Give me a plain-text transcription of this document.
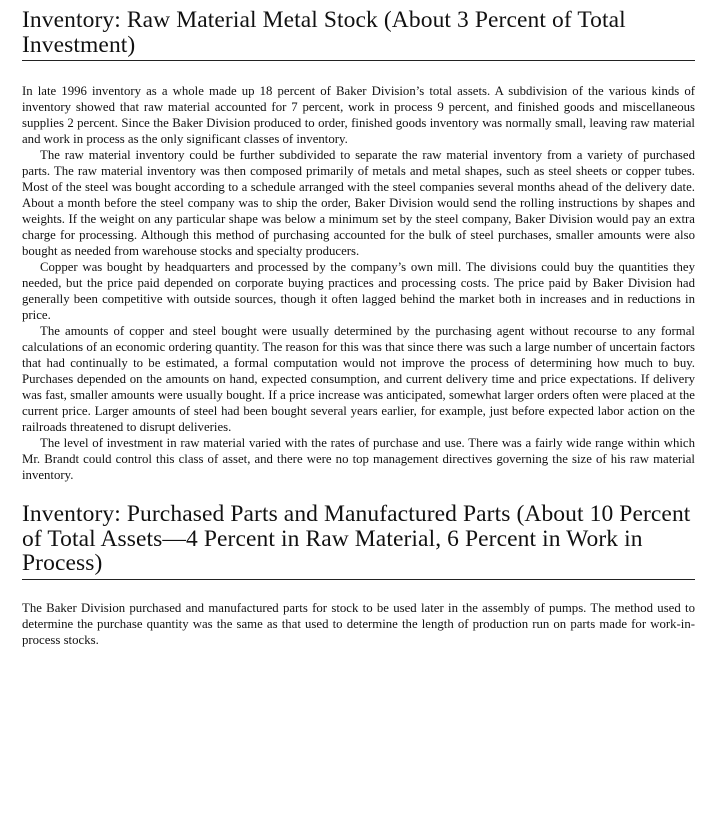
Inventory: Raw Material Metal Stock (About 3 Percent of Total Investment)

In late 1996 inventory as a whole made up 18 percent of Baker Division’s total assets. A subdivision of the various kinds of inventory showed that raw material accounted for 7 percent, work in process 9 percent, and finished goods and miscellaneous supplies 2 percent. Since the Baker Division produced to order, finished goods inventory was normally small, leaving raw material and work in process as the only significant classes of inventory.

The raw material inventory could be further subdivided to separate the raw material inventory from a variety of purchased parts. The raw material inventory was then composed primarily of metals and metal shapes, such as steel sheets or copper tubes. Most of the steel was bought according to a schedule arranged with the steel companies several months ahead of the delivery date. About a month before the steel company was to ship the order, Baker Division would send the rolling instructions by shapes and weights. If the weight on any particular shape was below a minimum set by the steel company, Baker Division would pay an extra charge for processing. Although this method of purchasing accounted for the bulk of steel purchases, smaller amounts were also bought as needed from warehouse stocks and specialty producers.

Copper was bought by headquarters and processed by the company’s own mill. The divisions could buy the quantities they needed, but the price paid depended on corporate buying practices and processing costs. The price paid by Baker Division had generally been competitive with outside sources, though it often lagged behind the market both in increases and in reductions in price.

The amounts of copper and steel bought were usually determined by the purchasing agent without recourse to any formal calculations of an economic ordering quantity. The reason for this was that since there was such a large number of uncertain factors that had continually to be estimated, a formal computation would not improve the process of determining how much to buy. Purchases depended on the amounts on hand, expected consumption, and current delivery time and price expectations. If delivery was fast, smaller amounts were usually bought. If a price increase was anticipated, somewhat larger orders often were placed at the current price. Larger amounts of steel had been bought several years earlier, for example, just before expected labor action on the railroads threatened to disrupt deliveries.

The level of investment in raw material varied with the rates of purchase and use. There was a fairly wide range within which Mr. Brandt could control this class of asset, and there were no top management directives governing the size of his raw material inventory.

Inventory: Purchased Parts and Manufactured Parts (About 10 Percent of Total Assets—4 Percent in Raw Material, 6 Percent in Work in Process)

The Baker Division purchased and manufactured parts for stock to be used later in the assembly of pumps. The method used to determine the purchase quantity was the same as that used to determine the length of production run on parts made for work-in-process stocks.
